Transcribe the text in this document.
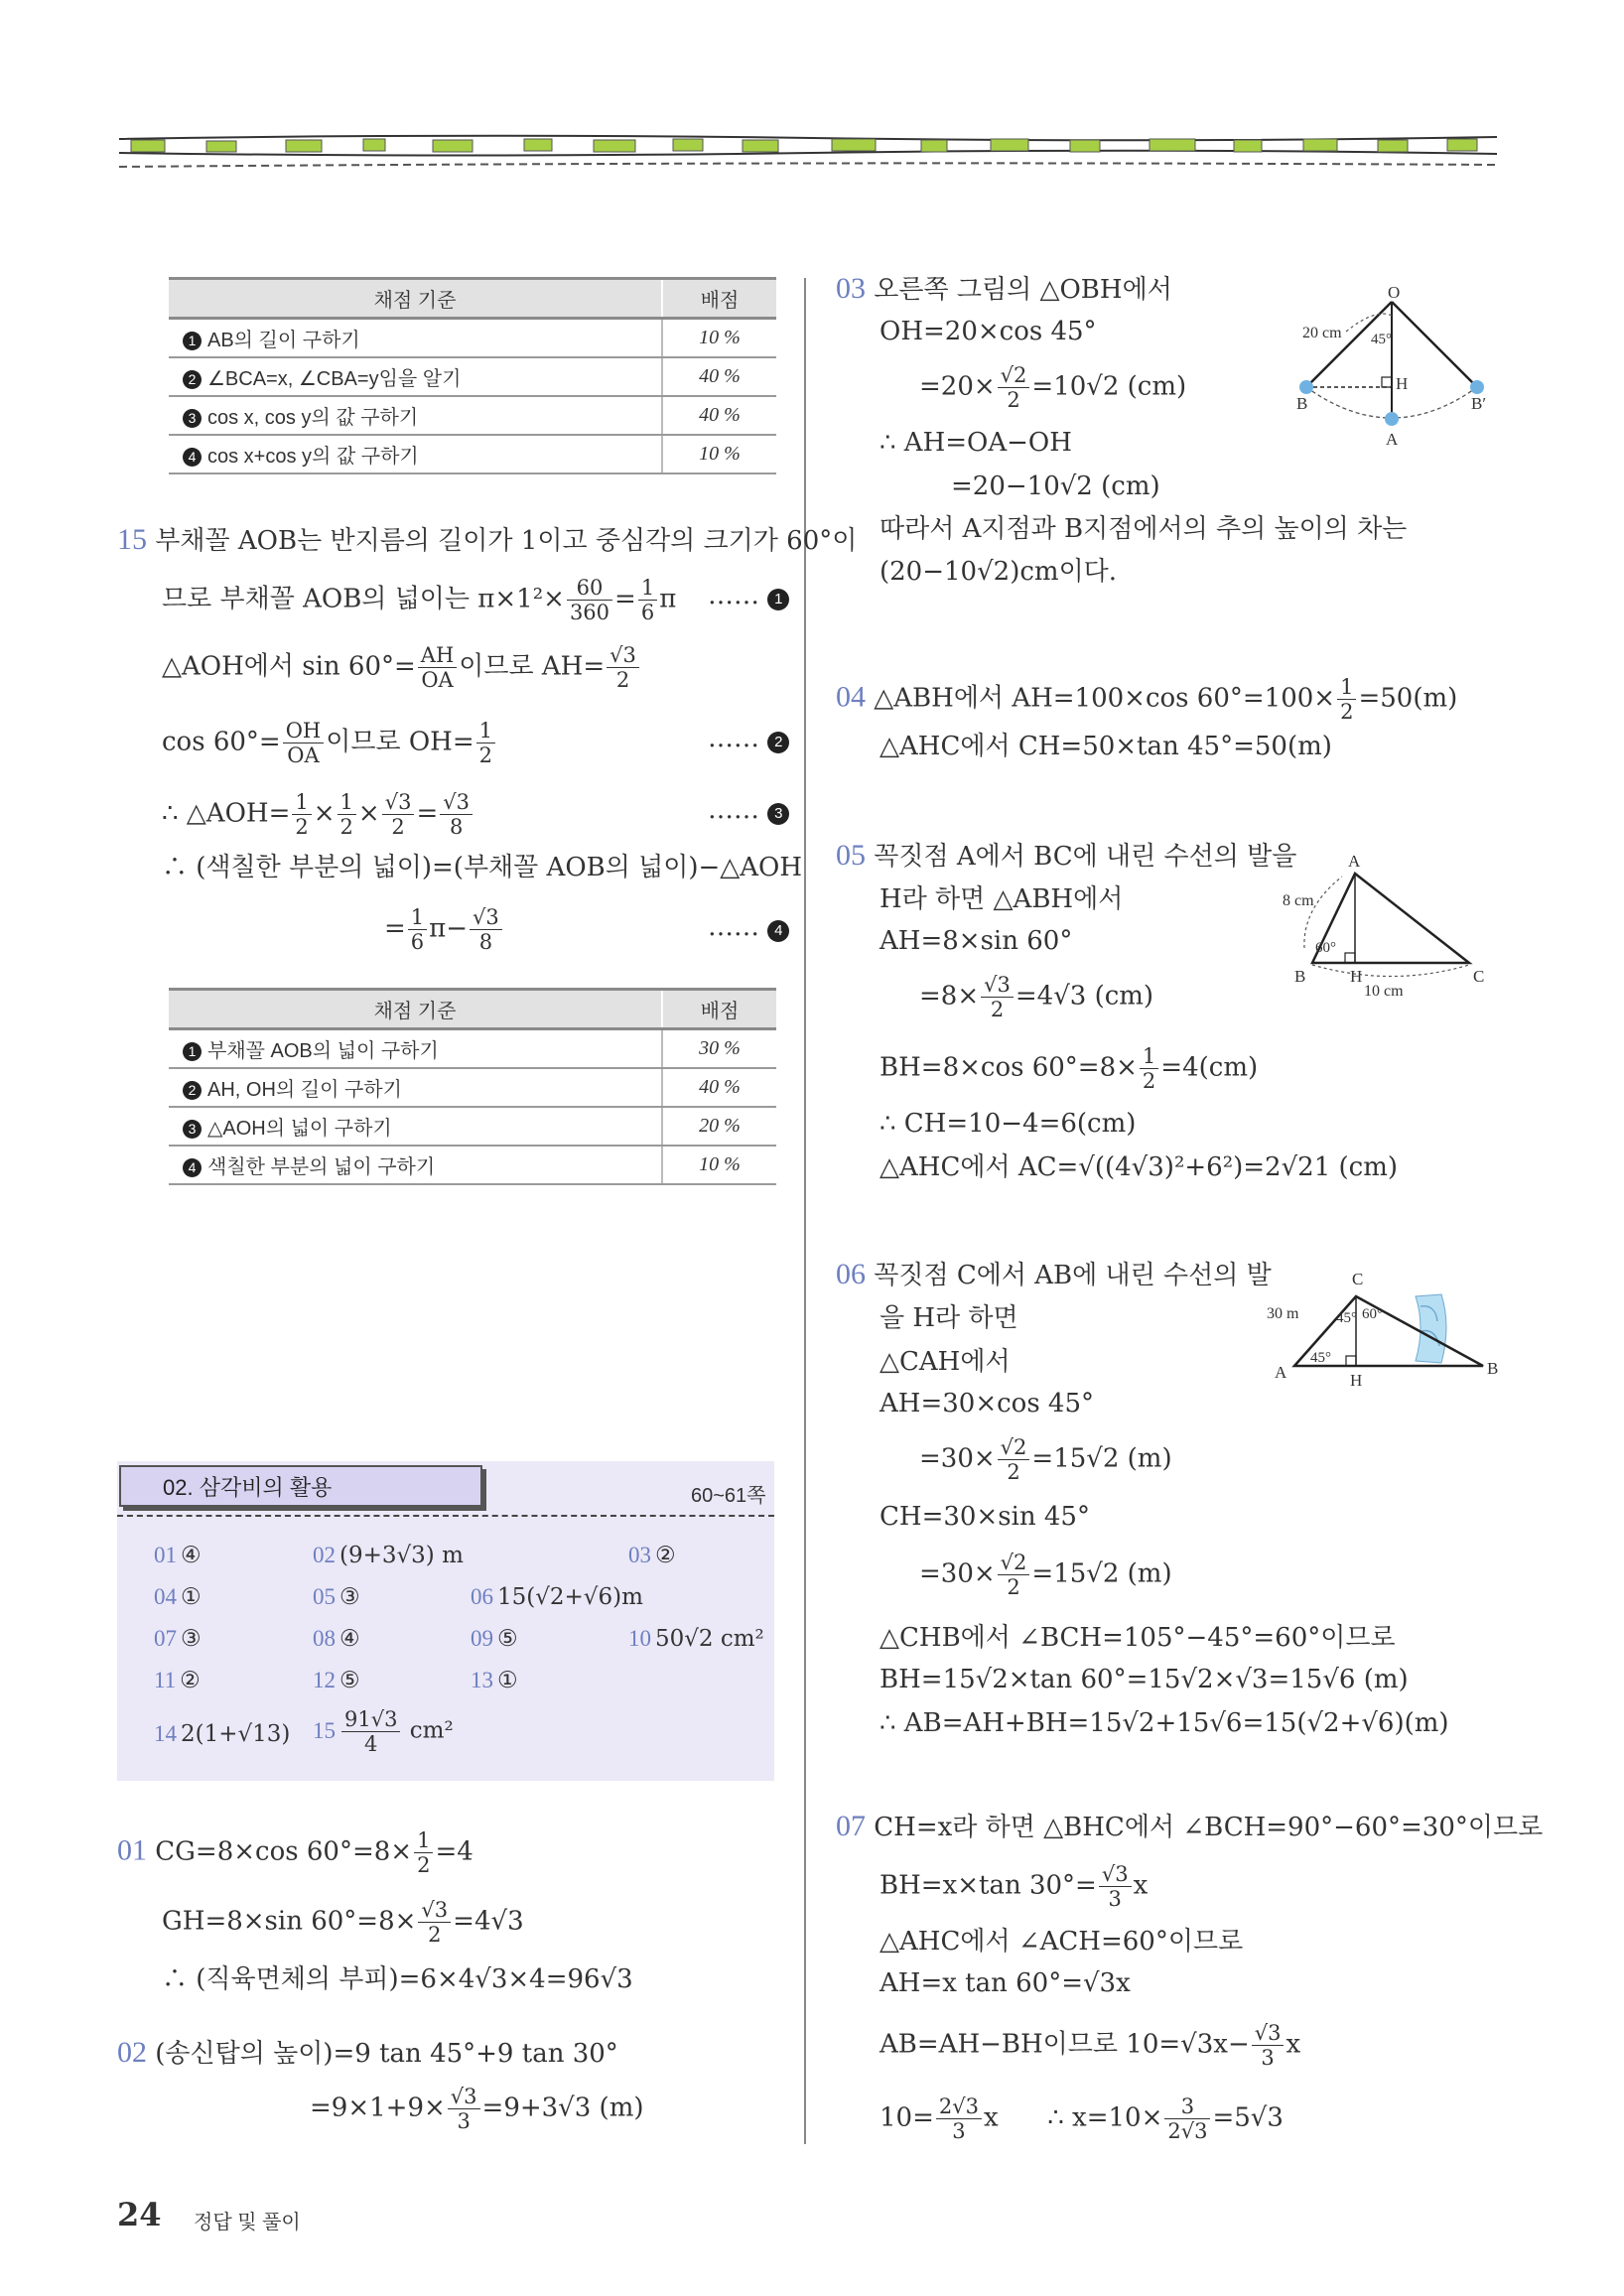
채점 기준	배점
1 AB의 길이 구하기	10 %
2 ∠BCA=x, ∠CBA=y임을 알기	40 %
3 cos x, cos y의 값 구하기	40 %
4 cos x+cos y의 값 구하기	10 %
15 부채꼴 AOB는 반지름의 길이가 1이고 중심각의 크기가 60°이
므로 부채꼴 AOB의 넓이는 $\pi\times 1^2\times \frac{60}{360} = \frac{1}{6}$ π
△AOH에서 $\sin 60^\circ= \frac{AH}{OA}$ 이므로 $AH= \frac{√3}{2}$
$\cos 60^\circ= \frac{OH}{OA}$ 이므로 $OH= \frac{1}{2}$
∴ △AOH= $\frac{1}{2} \times \frac{1}{2} \times \frac{√3}{2} = \frac{√3}{8}$
∴ (색칠한 부분의 넓이)=(부채꼴 AOB의 넓이)−△AOH
= $\frac{1}{6} \pi- \frac{√3}{8}$
…… 1
…… 2
…… 3
…… 4
채점 기준	배점
1 부채꼴 AOB의 넓이 구하기	30 %
2 AH, OH의 길이 구하기	40 %
3 △AOH의 넓이 구하기	20 %
4 색칠한 부분의 넓이 구하기	10 %
02. 삼각비의 활용	60~61쪽
01 ④	02 (9+3√3) m	03 ②
04 ①	05 ③	06 15(√2+√6)m
07 ③	08 ④	09 ⑤	10 50√2 cm²
11 ②	12 ⑤	13 ①
14 2(1+√13) $15 \frac{91√3}{4} cm^2$
01 CG=8×cos $60^\circ=8\times \frac{1}{2} =4$
GH=8×sin $60^\circ=8\times \frac{√3}{2} =4√3$
∴ (직육면체의 부피)=6×4√3×4=96√3
02 (송신탑의 높이)=9 tan 45°+9 tan 30°
$=9\times 1+9\times \frac{√3}{3} =9+3√3$ (m)
24 정답 및 풀이
03 오른쪽 그림의 △OBH에서
OH=20×cos 45°
$=20\times \frac{√2}{2} =10√2$ (cm)
∴ AH=OA−OH
=20−10√2 (cm)
따라서 A지점과 B지점에서의 추의 높이의 차는
(20−10√2)cm이다.
O
20 cm 45°
H
B	B′
A
04 △ABH에서 AH=100×cos $60^\circ=100\times \frac{1}{2} =50(m)$
△AHC에서 CH=50×tan 45°=50(m)
05 꼭짓점 A에서 BC에 내린 수선의 발을
H라 하면 △ABH에서
AH=8×sin 60°
$=8\times \frac{√3}{2} =4√3$ (cm)
BH=8×cos $60^\circ=8\times \frac{1}{2} =4(cm)$
∴ CH=10−4=6(cm)
△AHC에서 AC=√((4√3)²+6²)=2√21 (cm)
A
8 cm
60°
B	H	C
10 cm
06 꼭짓점 C에서 AB에 내린 수선의 발
을 H라 하면
△CAH에서
AH=30×cos 45°
$=30\times \frac{√2}{2} =15√2$ (m)
CH=30×sin 45°
$=30\times \frac{√2}{2} =15√2$ (m)
△CHB에서 ∠BCH=105°−45°=60°이므로
BH=15√2×tan 60°=15√2×√3=15√6 (m)
∴ AB=AH+BH=15√2+15√6=15(√2+√6)(m)
C
30 m	45° 60°
45°
A	H
B
07 CH=x라 하면 △BHC에서 ∠BCH=90°−60°=30°이므로
BH=x×tan $30^\circ= \frac{√3}{3}$ x
△AHC에서 ∠ACH=60°이므로
AH=x tan 60°=√3x
AB=AH−BH이므로 $10=√3x- \frac{√3}{3}$ x
$10= \frac{2√3}{3}$ x ∴ $x=10\times \frac{3}{2√3} =5√3$
